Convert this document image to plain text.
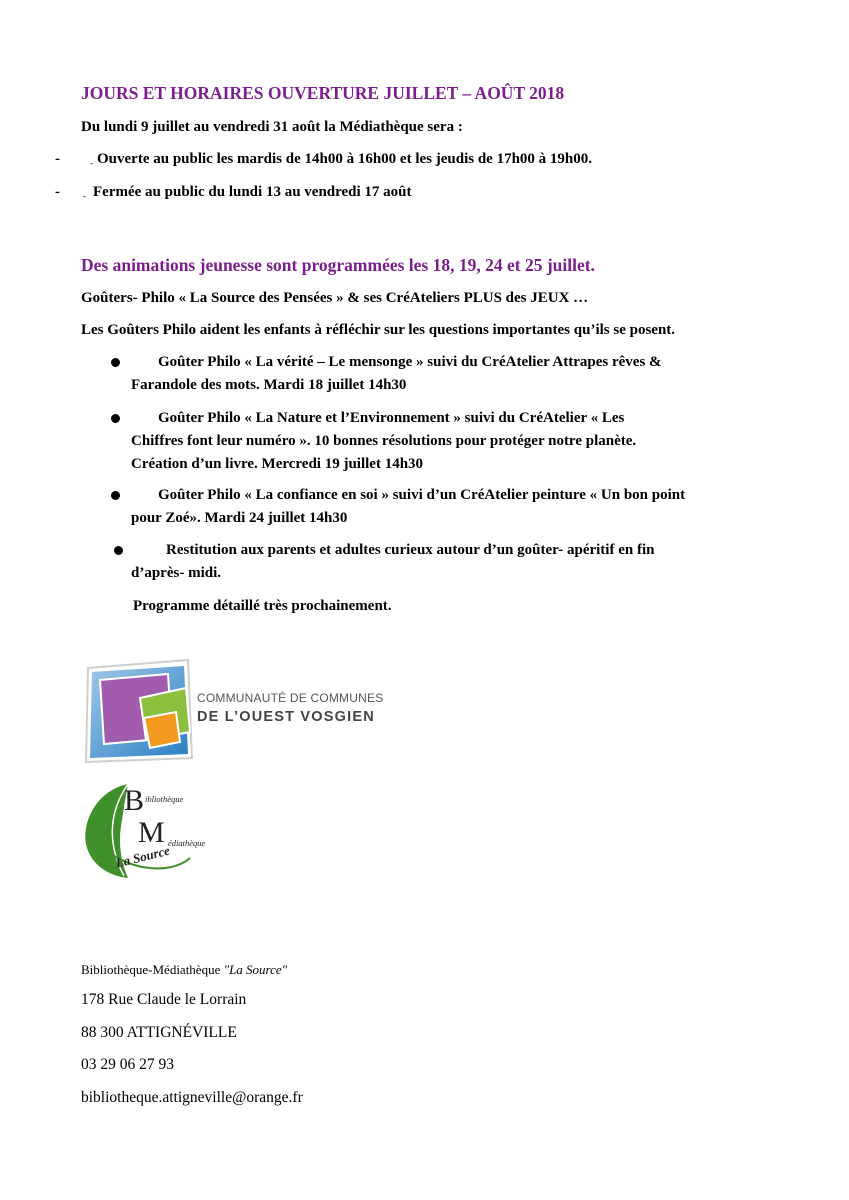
JOURS ET HORAIRES OUVERTURE JUILLET – AOÛT 2018
Du lundi 9 juillet au vendredi 31 août la Médiathèque sera :
-	- Ouverte au public les mardis de 14h00 à 16h00 et les jeudis de 17h00 à 19h00.
-	- Fermée au public du lundi 13 au vendredi 17 août
Des animations jeunesse sont programmées les 18, 19, 24 et 25 juillet.
Goûters- Philo « La Source des Pensées » & ses CréAteliers PLUS des JEUX …
Les Goûters Philo aident les enfants à réfléchir sur les questions importantes qu’ils se posent.
Goûter Philo « La vérité – Le mensonge » suivi du CréAtelier Attrapes rêves &
Farandole des mots. Mardi 18 juillet 14h30
Goûter Philo « La Nature et l’Environnement » suivi du CréAtelier « Les
Chiffres font leur numéro ». 10 bonnes résolutions pour protéger notre planète.
Création d’un livre. Mercredi 19 juillet 14h30
Goûter Philo « La confiance en soi » suivi d’un CréAtelier peinture « Un bon point
pour Zoé». Mardi 24 juillet 14h30
Restitution aux parents et adultes curieux autour d’un goûter- apéritif en fin
d’après- midi.
Programme détaillé très prochainement.
COMMUNAUTÉ DE COMMUNES
DE L’OUEST VOSGIEN
B ibliothèque
M édiathèque
La Source
Bibliothèque-Médiathèque "La Source"
178 Rue Claude le Lorrain
88 300 ATTIGNÉVILLE
03 29 06 27 93
bibliotheque.attigneville@orange.fr
